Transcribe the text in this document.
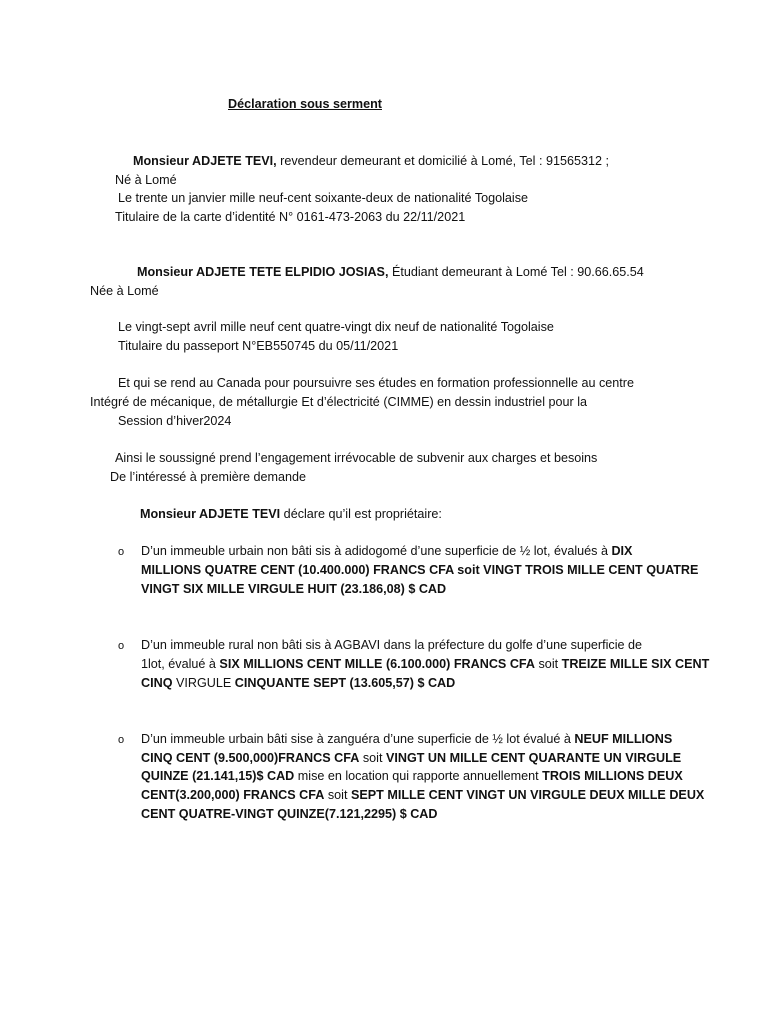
Déclaration sous serment
Monsieur ADJETE TEVI, revendeur demeurant et domicilié à Lomé, Tel : 91565312 ;
Né à Lomé
Le trente un janvier mille neuf-cent soixante-deux de nationalité Togolaise
Titulaire de la carte d’identité N° 0161-473-2063 du 22/11/2021
Monsieur ADJETE TETE ELPIDIO JOSIAS, Étudiant demeurant à Lomé Tel : 90.66.65.54
Née à Lomé
Le vingt-sept avril mille neuf cent quatre-vingt dix neuf de nationalité Togolaise
Titulaire du passeport N°EB550745 du 05/11/2021
Et qui se rend au Canada pour poursuivre ses études en formation professionnelle au centre
Intégré de mécanique, de métallurgie Et d’électricité (CIMME) en dessin industriel pour la
Session d’hiver2024
Ainsi le soussigné prend l’engagement irrévocable de subvenir aux charges et besoins
De l’intéressé à première demande
Monsieur ADJETE TEVI déclare qu’il est propriétaire:
o D’un immeuble urbain non bâti sis à adidogomé d’une superficie de ½ lot, évalués à DIX
MILLIONS QUATRE CENT (10.400.000) FRANCS CFA soit VINGT TROIS MILLE CENT QUATRE
VINGT SIX MILLE VIRGULE HUIT (23.186,08) $ CAD
o D’un immeuble rural non bâti sis à AGBAVI dans la préfecture du golfe d’une superficie de
1lot, évalué à SIX MILLIONS CENT MILLE (6.100.000) FRANCS CFA soit TREIZE MILLE SIX CENT
CINQ VIRGULE CINQUANTE SEPT (13.605,57) $ CAD
o D’un immeuble urbain bâti sise à zanguéra d’une superficie de ½ lot évalué à NEUF MILLIONS
CINQ CENT (9.500,000)FRANCS CFA soit VINGT UN MILLE CENT QUARANTE UN VIRGULE
QUINZE (21.141,15)$ CAD mise en location qui rapporte annuellement TROIS MILLIONS DEUX
CENT(3.200,000) FRANCS CFA soit SEPT MILLE CENT VINGT UN VIRGULE DEUX MILLE DEUX
CENT QUATRE-VINGT QUINZE(7.121,2295) $ CAD
